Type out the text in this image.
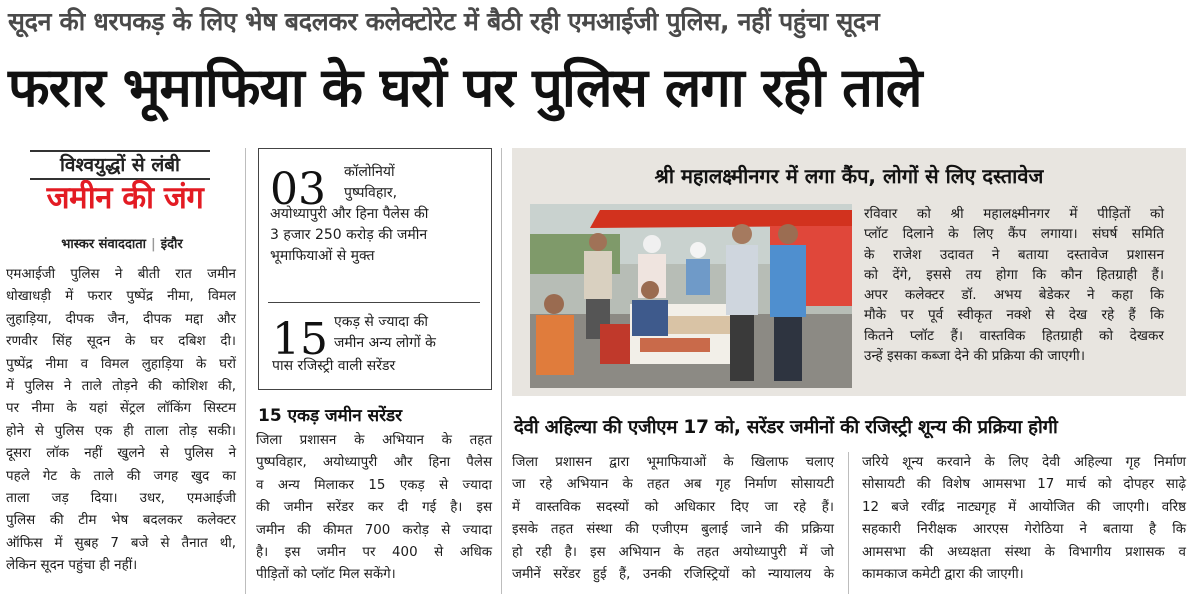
सूदन की धरपकड़ के लिए भेष बदलकर कलेक्टोरेट में बैठी रही एमआईजी पुलिस, नहीं पहुंचा सूदन
फरार भूमाफिया के घरों पर पुलिस लगा रही ताले
विश्वयुद्धों से लंबी
जमीन की जंग
भास्कर संवाददाता | इंदौर

एमआईजी पुलिस ने बीती रात जमीन

धोखाधड़ी में फरार पुष्पेंद्र नीमा, विमल

लुहाड़िया, दीपक जैन, दीपक मद्दा और

रणवीर सिंह सूदन के घर दबिश दी।

पुष्पेंद्र नीमा व विमल लुहाड़िया के घरों

में पुलिस ने ताले तोड़ने की कोशिश की,

पर नीमा के यहां सेंट्रल लॉकिंग सिस्टम

होने से पुलिस एक ही ताला तोड़ सकी।

दूसरा लॉक नहीं खुलने से पुलिस ने

पहले गेट के ताले की जगह खुद का

ताला जड़ दिया। उधर, एमआईजी

पुलिस की टीम भेष बदलकर कलेक्टर

ऑफिस में सुबह 7 बजे से तैनात थी,

लेकिन सूदन पहुंचा ही नहीं।

03 कॉलोनियों
पुष्पविहार,
अयोध्यापुरी और हिना पैलेस की
3 हजार 250 करोड़ की जमीन
भूमाफियाओं से मुक्त
15 एकड़ से ज्यादा की
जमीन अन्य लोगों के
पास रजिस्ट्री वाली सरेंडर
15 एकड़ जमीन सरेंडर
जिला प्रशासन के अभियान के तहत
पुष्पविहार, अयोध्यापुरी और हिना पैलेस
व अन्य मिलाकर 15 एकड़ से ज्यादा
की जमीन सरेंडर कर दी गई है। इस
जमीन की कीमत 700 करोड़ से ज्यादा
है। इस जमीन पर 400 से अधिक
पीड़ितों को प्लॉट मिल सकेंगे।
श्री महालक्ष्मीनगर में लगा कैंप, लोगों से लिए दस्तावेज
रविवार को श्री महालक्ष्मीनगर में पीड़ितों को
प्लॉट दिलाने के लिए कैंप लगाया। संघर्ष समिति
के राजेश उदावत ने बताया दस्तावेज प्रशासन
को देंगे, इससे तय होगा कि कौन हितग्राही हैं।
अपर कलेक्टर डॉ. अभय बेडेकर ने कहा कि
मौके पर पूर्व स्वीकृत नक्शे से देख रहे हैं कि
कितने प्लॉट हैं। वास्तविक हितग्राही को देखकर
उन्हें इसका कब्जा देने की प्रक्रिया की जाएगी।
देवी अहिल्या की एजीएम 17 को, सरेंडर जमीनों की रजिस्ट्री शून्य की प्रक्रिया होगी
जिला प्रशासन द्वारा भूमाफियाओं के खिलाफ चलाए
जा रहे अभियान के तहत अब गृह निर्माण सोसायटी
में वास्तविक सदस्यों को अधिकार दिए जा रहे हैं।
इसके तहत संस्था की एजीएम बुलाई जाने की प्रक्रिया
हो रही है। इस अभियान के तहत अयोध्यापुरी में जो
जमीनें सरेंडर हुई हैं, उनकी रजिस्ट्रियों को न्यायालय के
जरिये शून्य करवाने के लिए देवी अहिल्या गृह निर्माण
सोसायटी की विशेष आमसभा 17 मार्च को दोपहर साढ़े
12 बजे रवींद्र नाट्यगृह में आयोजित की जाएगी। वरिष्ठ
सहकारी निरीक्षक आरएस गेरोठिया ने बताया है कि
आमसभा की अध्यक्षता संस्था के विभागीय प्रशासक व
कामकाज कमेटी द्वारा की जाएगी।
